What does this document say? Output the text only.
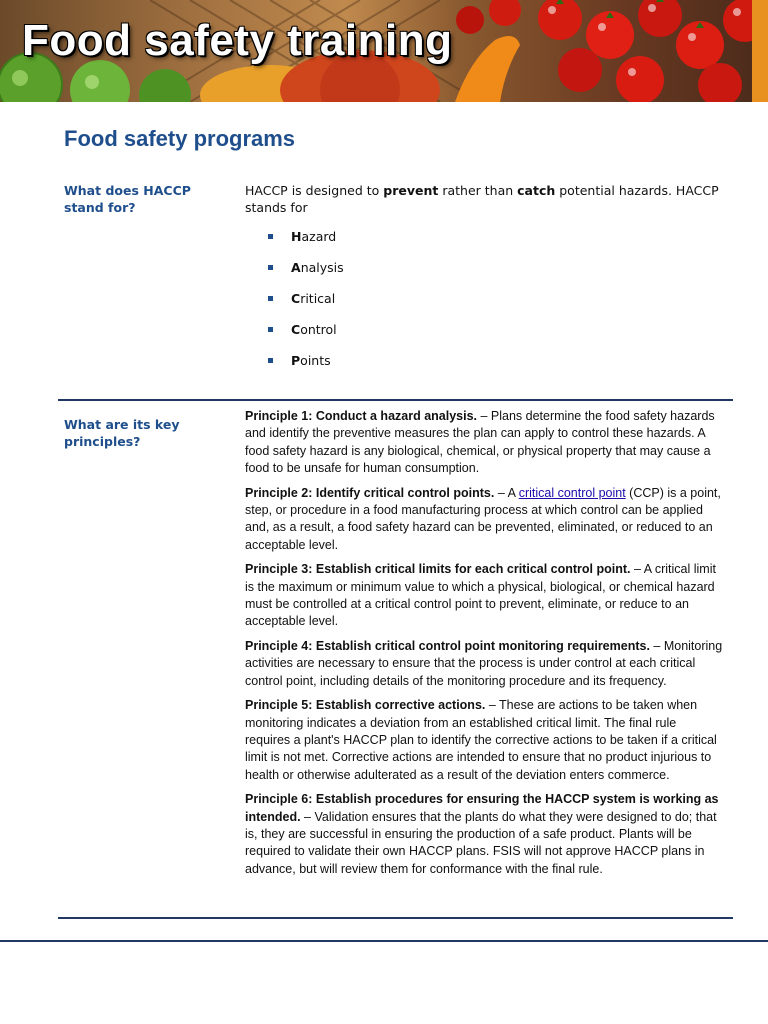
Food safety training
Food safety programs
What does HACCP stand for?
HACCP is designed to prevent rather than catch potential hazards. HACCP stands for
Hazard
Analysis
Critical
Control
Points
What are its key principles?

Principle 1: Conduct a hazard analysis. – Plans determine the food safety hazards and identify the preventive measures the plan can apply to control these hazards. A food safety hazard is any biological, chemical, or physical property that may cause a food to be unsafe for human consumption.

Principle 2: Identify critical control points. – A critical control point (CCP) is a point, step, or procedure in a food manufacturing process at which control can be applied and, as a result, a food safety hazard can be prevented, eliminated, or reduced to an acceptable level.

Principle 3: Establish critical limits for each critical control point. – A critical limit is the maximum or minimum value to which a physical, biological, or chemical hazard must be controlled at a critical control point to prevent, eliminate, or reduce to an acceptable level.

Principle 4: Establish critical control point monitoring requirements. – Monitoring activities are necessary to ensure that the process is under control at each critical control point, including details of the monitoring procedure and its frequency.

Principle 5: Establish corrective actions. – These are actions to be taken when monitoring indicates a deviation from an established critical limit. The final rule requires a plant's HACCP plan to identify the corrective actions to be taken if a critical limit is not met. Corrective actions are intended to ensure that no product injurious to health or otherwise adulterated as a result of the deviation enters commerce.

Principle 6: Establish procedures for ensuring the HACCP system is working as intended. – Validation ensures that the plants do what they were designed to do; that is, they are successful in ensuring the production of a safe product. Plants will be required to validate their own HACCP plans. FSIS will not approve HACCP plans in advance, but will review them for conformance with the final rule.
